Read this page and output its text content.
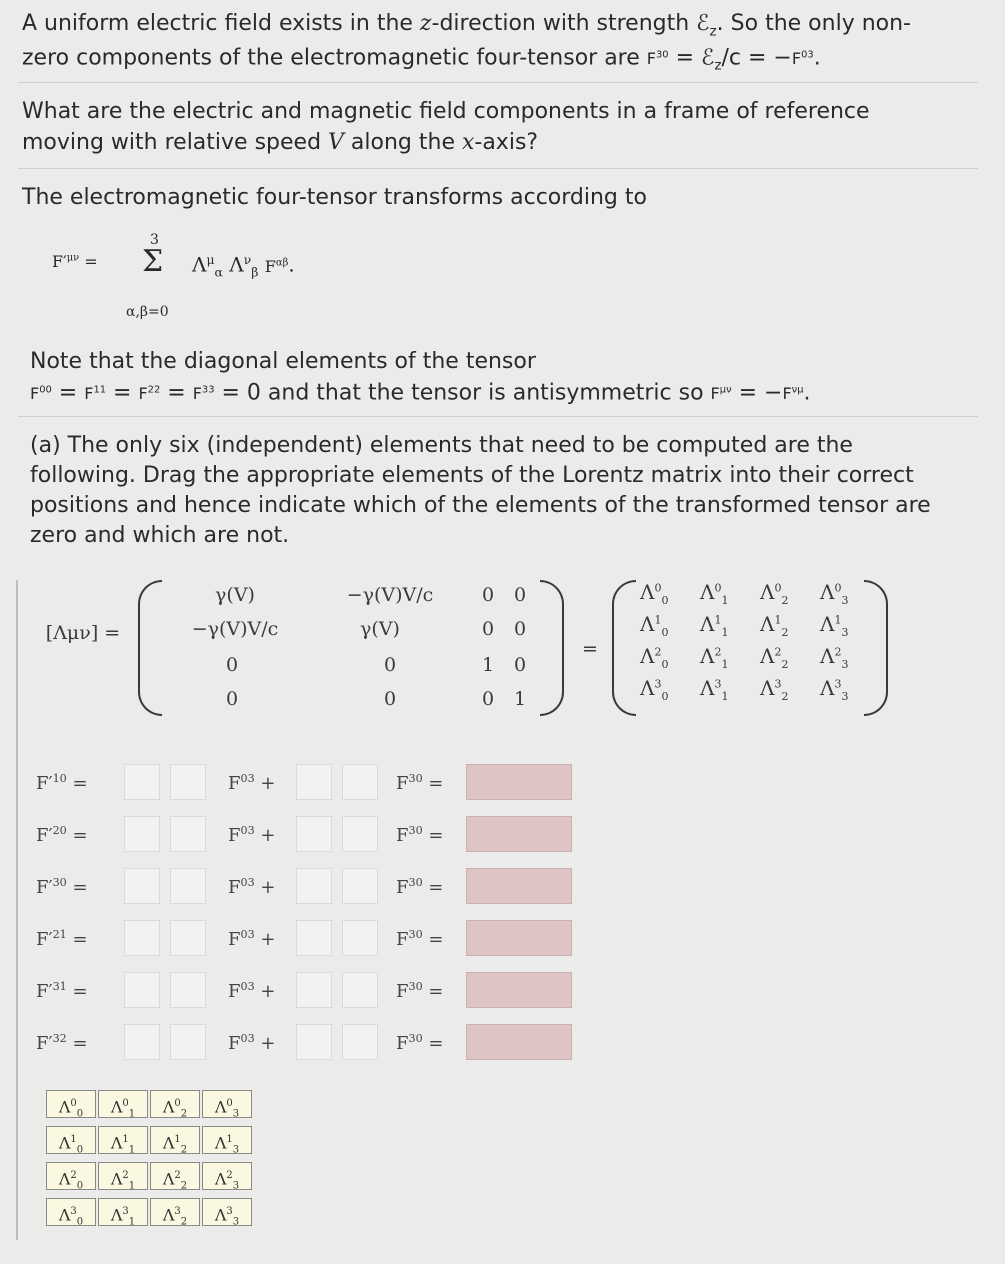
A uniform electric field exists in the z-direction with strength ℰ$_z$. So the only non-
zero components of the electromagnetic four-tensor are $F^{30}$ = ℰ$_z$/c = $-F^{03}$.
What are the electric and magnetic field components in a frame of reference
moving with relative speed V along the x-axis?
The electromagnetic four-tensor transforms according to
$F'^{\mu\nu}$ =
3
Σ
α,β=0
$\Lambda^\mu_\alpha$ $\Lambda^\nu_\beta$ $F^{\alpha\beta}$.
Note that the diagonal elements of the tensor
$F^{00} = F^{11} = F^{22} = F^{33} = 0$ and that the tensor is antisymmetric so $F^{\mu\nu} = -F^{\nu\mu}$.
(a) The only six (independent) elements that need to be computed are the
following. Drag the appropriate elements of the Lorentz matrix into their correct
positions and hence indicate which of the elements of the transformed tensor are
zero and which are not.
[Λμν] =
γ(V)	−γ(V)V/c	0	0
−γ(V)V/c	γ(V)	0	0
0	0	1	0
0	0	0	1
=
$\Lambda^0_0$ $\Lambda^0_1$ $\Lambda^0_2$ $\Lambda^0_3$
$\Lambda^1_0$ $\Lambda^1_1$ $\Lambda^1_2$ $\Lambda^1_3$
$\Lambda^2_0$ $\Lambda^2_1$ $\Lambda^2_2$ $\Lambda^2_3$
$\Lambda^3_0$ $\Lambda^3_1$ $\Lambda^3_2$ $\Lambda^3_3$
$F'^{10}$ =	$F^{03}$ +	$F^{30}$ =
$F'^{20}$ =	$F^{03}$ +	$F^{30}$ =
$F'^{30}$ =	$F^{03}$ +	$F^{30}$ =
$F'^{21}$ =	$F^{03}$ +	$F^{30}$ =
$F'^{31}$ =	$F^{03}$ +	$F^{30}$ =
$F'^{32}$ =	$F^{03}$ +	$F^{30}$ =
$\Lambda^0_0$	$\Lambda^0_1$	$\Lambda^0_2$	$\Lambda^0_3$
$\Lambda^1_0$	$\Lambda^1_1$	$\Lambda^1_2$	$\Lambda^1_3$
$\Lambda^2_0$	$\Lambda^2_1$	$\Lambda^2_2$	$\Lambda^2_3$
$\Lambda^3_0$	$\Lambda^3_1$	$\Lambda^3_2$	$\Lambda^3_3$
